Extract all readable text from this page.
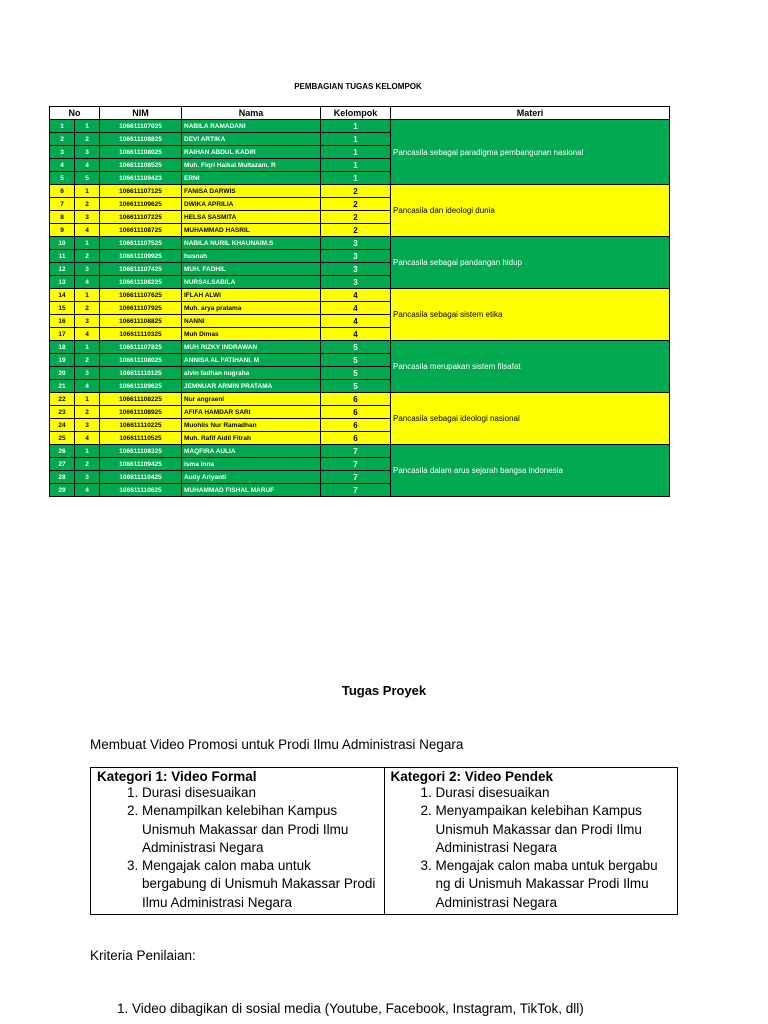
PEMBAGIAN TUGAS KELOMPOK
No		NIM	Nama	Kelompok	Materi
1	1	106611107025	NABILA RAMADANI	1	Pancasila sebagai paradigma pembangunan nasional
2	2	106611108825	DEVI ARTIKA	1	
3	3	106611108025	RAIHAN ABDUL KADIR	1	
4	4	106611108525	Muh. Fiqri Haikal Multazam. R	1	
5	5	106611109423	ERNI	1	
6	1	106611107125	FANISA DARWIS	2	Pancasila dan ideologi dunia
7	2	106611109625	DWIKA APRILIA	2	
8	3	106611107225	HELSA SASMITA	2	
9	4	106611108725	MUHAMMAD HASRIL	2	
10	1	106611107525	NABILA NURIL KHAUNAIM.S	3	Pancasila sebagai pandangan hidup
11	2	106611109925	husnah	3	
12	3	106611107425	MUH. FADHIL	3	
13	4	106611108225	NURSALSABILA	3	
14	1	106611107625	IFLAH ALWI	4	Pancasila sebagai sistem etika
15	2	106611107925	Muh. arya pratama	4	
16	3	106611108825	NANNI	4	
17	4	106611110325	Muh Dimas	4	
18	1	106611107825	MUH RIZKY INDRAWAN	5	Pancasila merupakan sistem filsafat
19	2	106611108025	ANNISA AL FATIHANI. M	5	
20	3	106611110125	alvin fadhan nugraha	5	
21	4	106611109625	JEMNUAR ARMIN PRATAMA	5	
22	1	106611108225	Nur angraeni	6	Pancasila sebagai ideologi nasional
23	2	106611108925	AFIFA HAMDAR SARI	6	
24	3	106611110225	Muohlis Nur Ramadhan	6	
25	4	106611110525	Muh. Rafif Aidil Fitrah	6	
26	1	106611108325	MAQFIRA AULIA	7	Pancasila dalam arus sejarah bangsa indonesia
27	2	106611109425	isma inna	7	
28	3	106611110425	Audy Ariyanti	7	
29	4	106611110625	MUHAMMAD FISHAL MARUF	7	
Tugas Proyek
Membuat Video Promosi untuk Prodi Ilmu Administrasi Negara
Kategori 1: Video Formal
1. Durasi disesuaikan
2. Menampilkan kelebihan Kampus Unismuh Makassar dan Prodi Ilmu Administrasi Negara
3. Mengajak calon maba untuk bergabung di Unismuh Makassar Prodi Ilmu Administrasi Negara

Kategori 2: Video Pendek
1. Durasi disesuaikan
2. Menyampaikan kelebihan Kampus Unismuh Makassar dan Prodi Ilmu Administrasi Negara
3. Mengajak calon maba untuk bergabu ng di Unismuh Makassar Prodi Ilmu Administrasi Negara
Kriteria Penilaian:
1. Video dibagikan di sosial media (Youtube, Facebook, Instagram, TikTok, dll)
